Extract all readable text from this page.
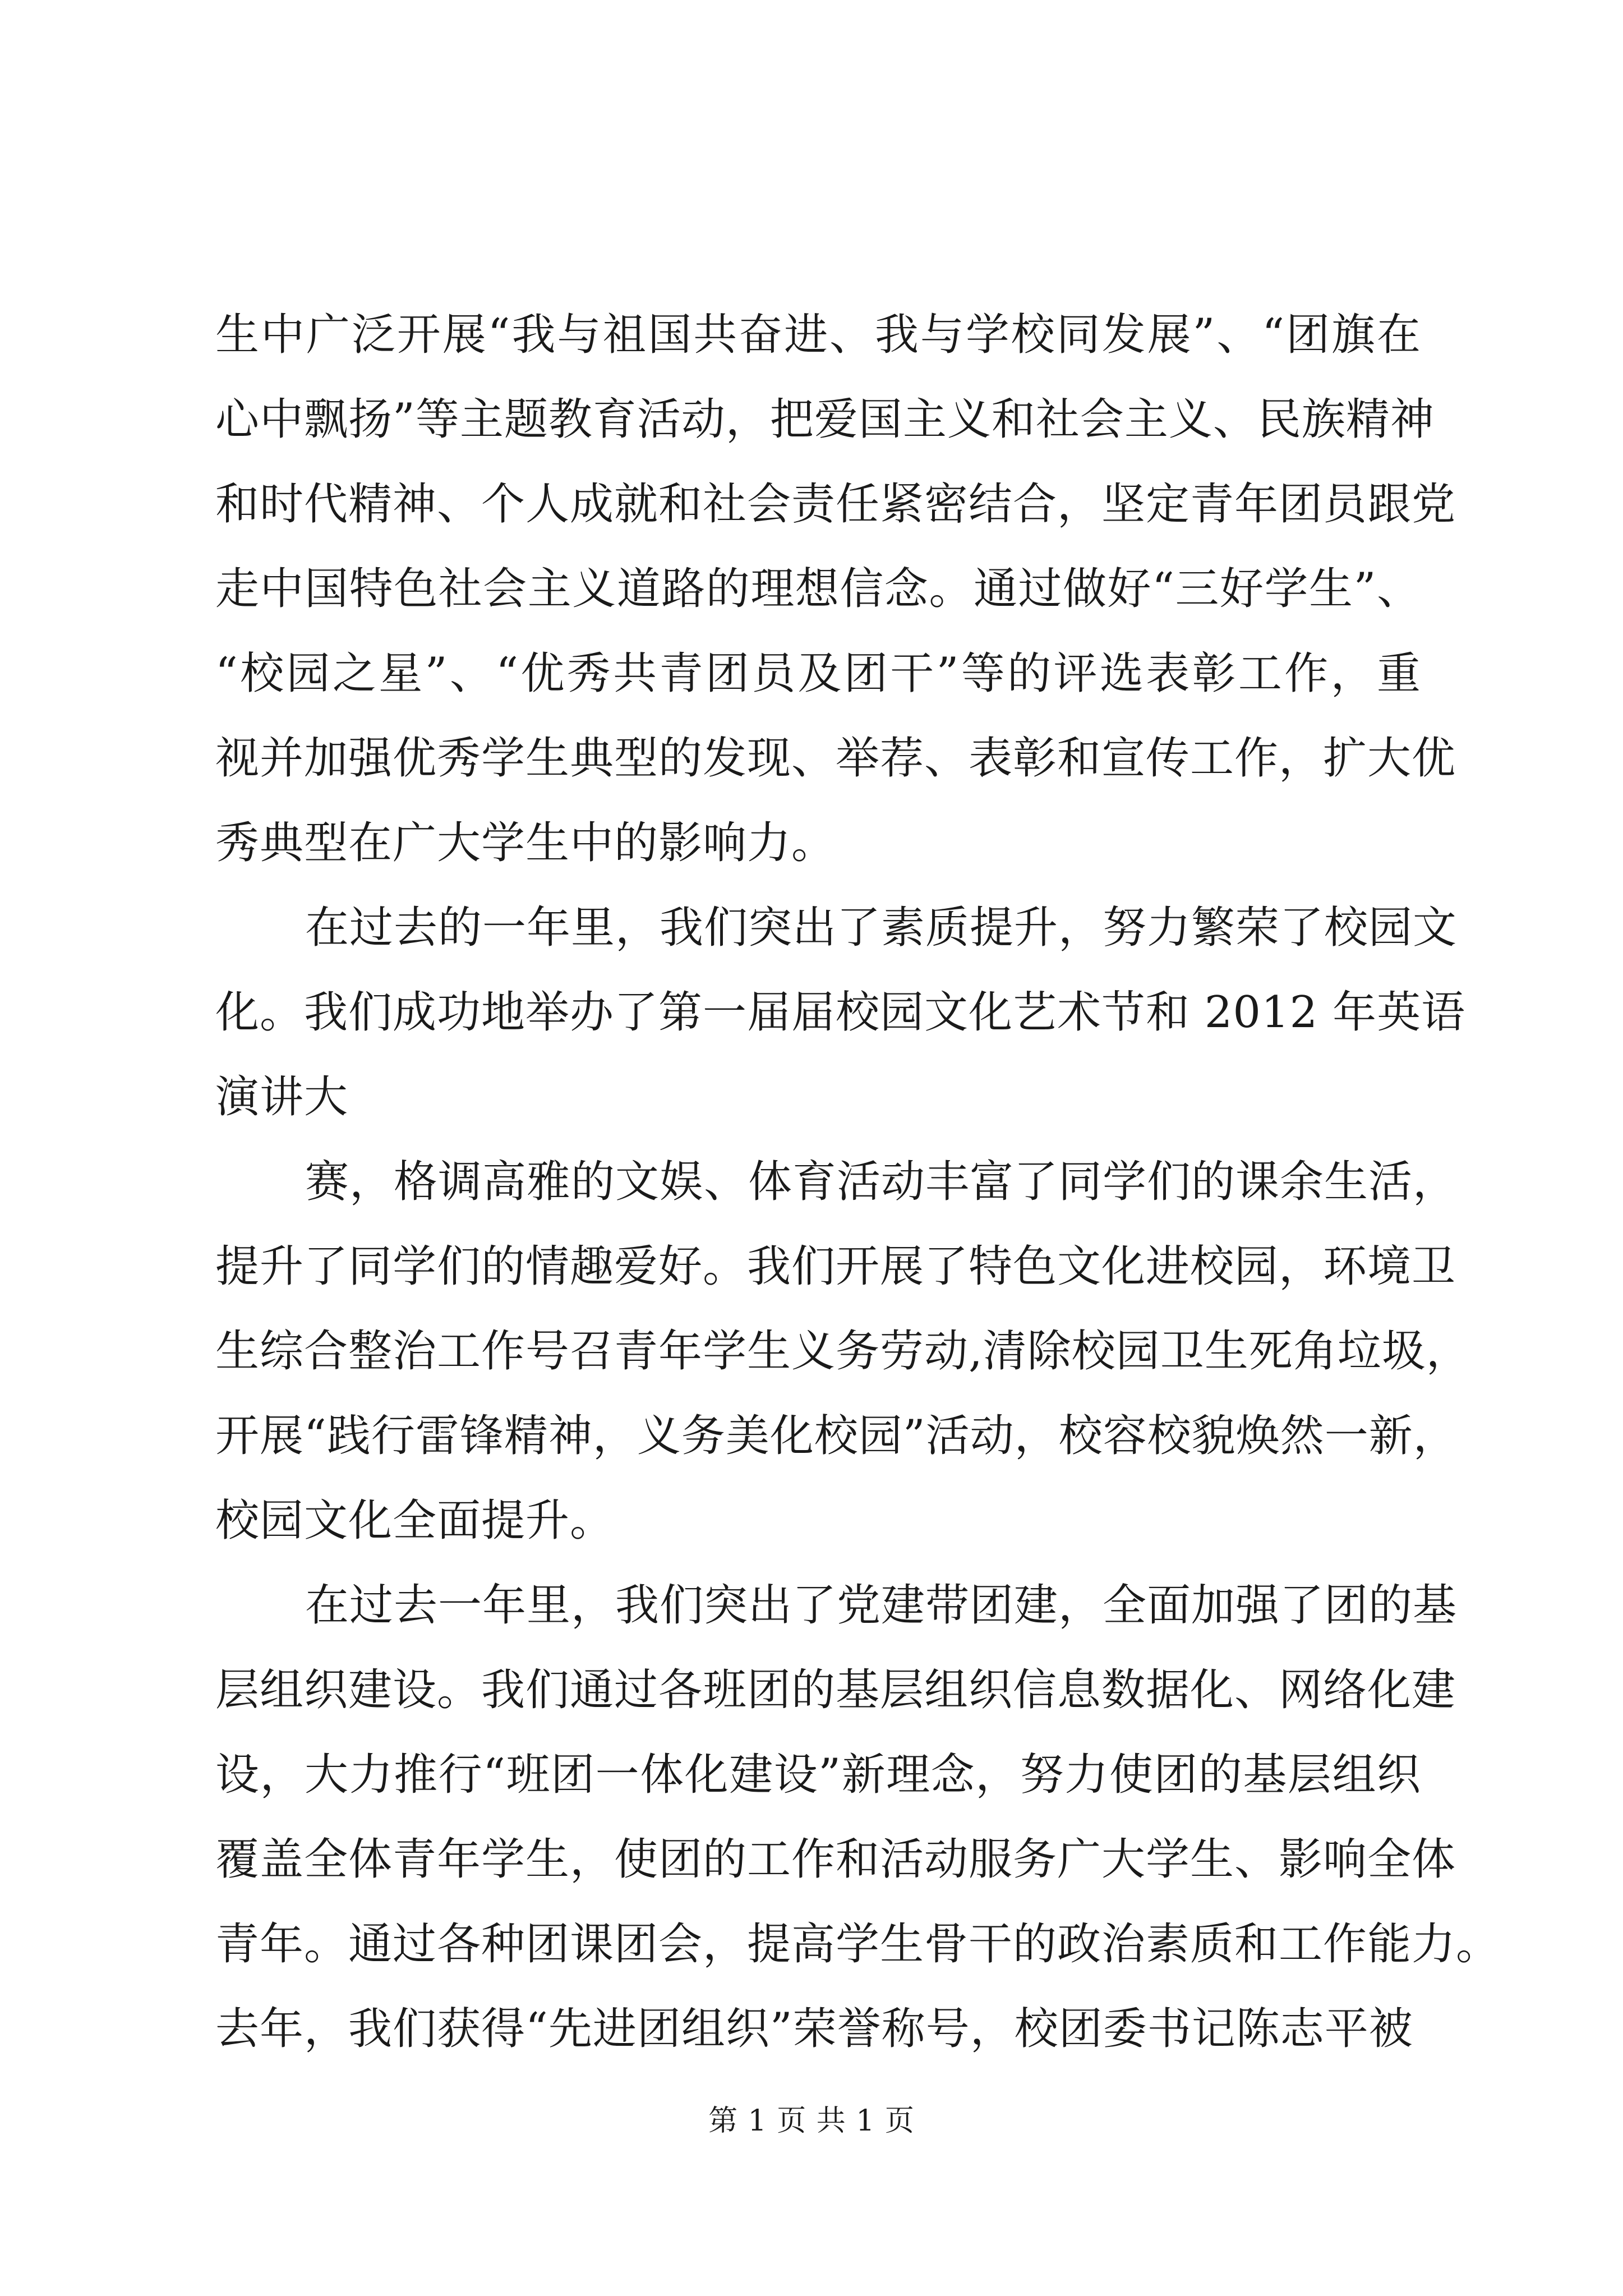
生中广泛开展“我与祖国共奋进、我与学校同发展”、“团旗在
心中飘扬”等主题教育活动，把爱国主义和社会主义、民族精神
和时代精神、个人成就和社会责任紧密结合，坚定青年团员跟党
走中国特色社会主义道路的理想信念。通过做好“三好学生”、
“校园之星”、“优秀共青团员及团干”等的评选表彰工作，重
视并加强优秀学生典型的发现、举荐、表彰和宣传工作，扩大优
秀典型在广大学生中的影响力。
在过去的一年里，我们突出了素质提升，努力繁荣了校园文
化。我们成功地举办了第一届届校园文化艺术节和 2012 年英语
演讲大
赛，格调高雅的文娱、体育活动丰富了同学们的课余生活，
提升了同学们的情趣爱好。我们开展了特色文化进校园，环境卫
生综合整治工作号召青年学生义务劳动,清除校园卫生死角垃圾，
开展“践行雷锋精神，义务美化校园”活动，校容校貌焕然一新，
校园文化全面提升。
在过去一年里，我们突出了党建带团建，全面加强了团的基
层组织建设。我们通过各班团的基层组织信息数据化、网络化建
设，大力推行“班团一体化建设”新理念，努力使团的基层组织
覆盖全体青年学生，使团的工作和活动服务广大学生、影响全体
青年。通过各种团课团会，提高学生骨干的政治素质和工作能力。
去年，我们获得“先进团组织”荣誉称号，校团委书记陈志平被
第 1 页 共 1 页
